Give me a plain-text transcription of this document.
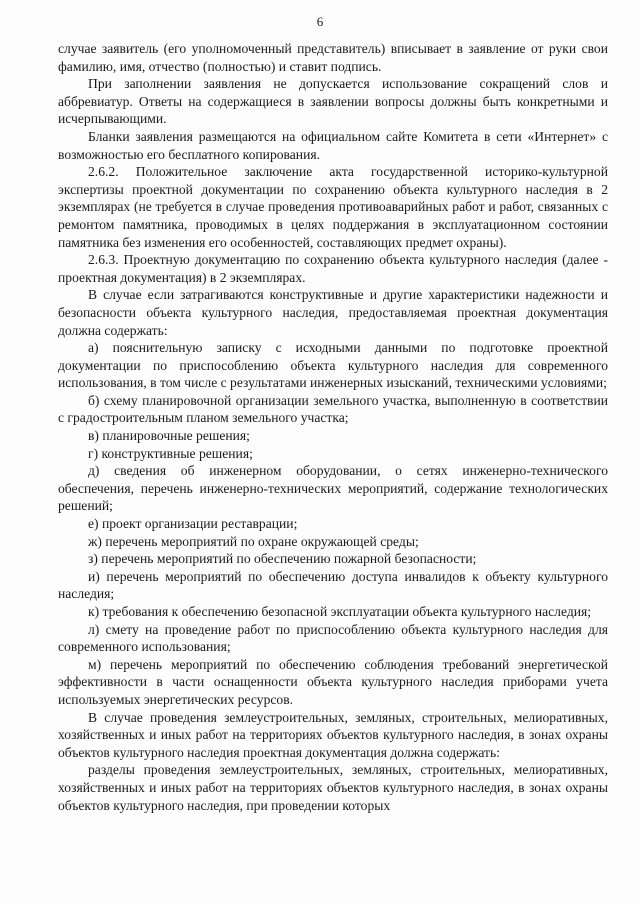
6

случае заявитель (его уполномоченный представитель) вписывает в заявление от руки свои фамилию, имя, отчество (полностью) и ставит подпись.

При заполнении заявления не допускается использование сокращений слов и аббревиатур. Ответы на содержащиеся в заявлении вопросы должны быть конкретными и исчерпывающими.

Бланки заявления размещаются на официальном сайте Комитета в сети «Интернет» с возможностью его бесплатного копирования.

2.6.2. Положительное заключение акта государственной историко-культурной экспертизы проектной документации по сохранению объекта культурного наследия в 2 экземплярах (не требуется в случае проведения противоаварийных работ и работ, связанных с ремонтом памятника, проводимых в целях поддержания в эксплуатационном состоянии памятника без изменения его особенностей, составляющих предмет охраны).

2.6.3. Проектную документацию по сохранению объекта культурного наследия (далее - проектная документация) в 2 экземплярах.

В случае если затрагиваются конструктивные и другие характеристики надежности и безопасности объекта культурного наследия, предоставляемая проектная документация должна содержать:

а) пояснительную записку с исходными данными по подготовке проектной документации по приспособлению объекта культурного наследия для современного использования, в том числе с результатами инженерных изысканий, техническими условиями;

б) схему планировочной организации земельного участка, выполненную в соответствии с градостроительным планом земельного участка;

в) планировочные решения;

г) конструктивные решения;

д) сведения об инженерном оборудовании, о сетях инженерно-технического обеспечения, перечень инженерно-технических мероприятий, содержание технологических решений;

е) проект организации реставрации;

ж) перечень мероприятий по охране окружающей среды;

з) перечень мероприятий по обеспечению пожарной безопасности;

и) перечень мероприятий по обеспечению доступа инвалидов к объекту культурного наследия;

к) требования к обеспечению безопасной эксплуатации объекта культурного наследия;

л) смету на проведение работ по приспособлению объекта культурного наследия для современного использования;

м) перечень мероприятий по обеспечению соблюдения требований энергетической эффективности в части оснащенности объекта культурного наследия приборами учета используемых энергетических ресурсов.

В случае проведения землеустроительных, земляных, строительных, мелиоративных, хозяйственных и иных работ на территориях объектов культурного наследия, в зонах охраны объектов культурного наследия проектная документация должна содержать:

разделы проведения землеустроительных, земляных, строительных, мелиоративных, хозяйственных и иных работ на территориях объектов культурного наследия, в зонах охраны объектов культурного наследия, при проведении которых
